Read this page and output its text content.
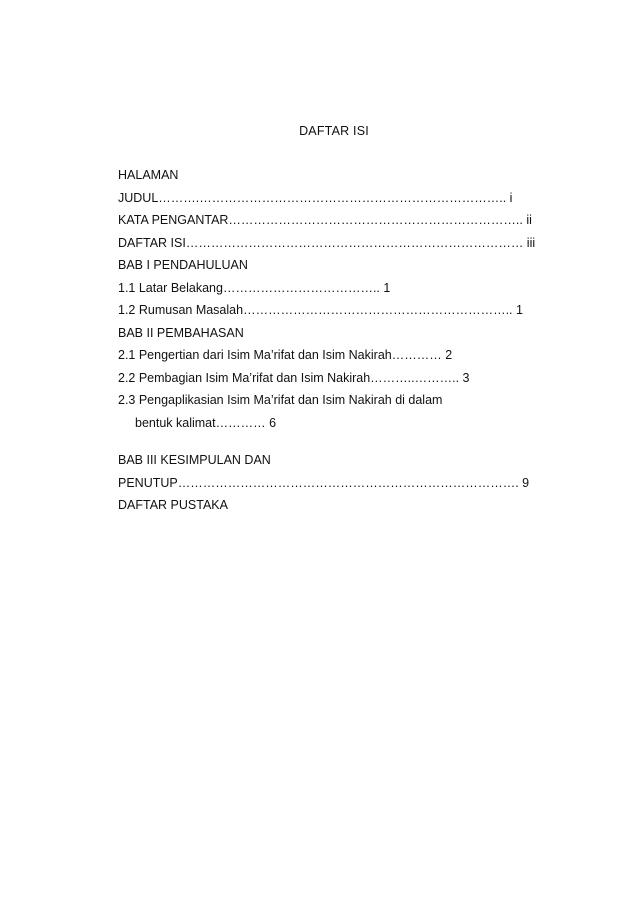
DAFTAR ISI
HALAMAN
JUDUL……….……………………………………………………………….. i
KATA PENGANTAR…………………………………………………………….. ii
DAFTAR ISI……………………………………………………………………… iii
BAB I PENDAHULUAN
1.1 Latar Belakang……………………………….. 1
1.2 Rumusan Masalah……………………………………………………….. 1
BAB II PEMBAHASAN
2.1 Pengertian dari Isim Ma’rifat dan Isim Nakirah………… 2
2.2 Pembagian Isim Ma’rifat dan Isim Nakirah………..……….. 3
2.3 Pengaplikasian Isim Ma’rifat dan Isim Nakirah di dalam
bentuk kalimat………… 6
BAB III KESIMPULAN DAN
PENUTUP………………………………………………………………………. 9
DAFTAR PUSTAKA
